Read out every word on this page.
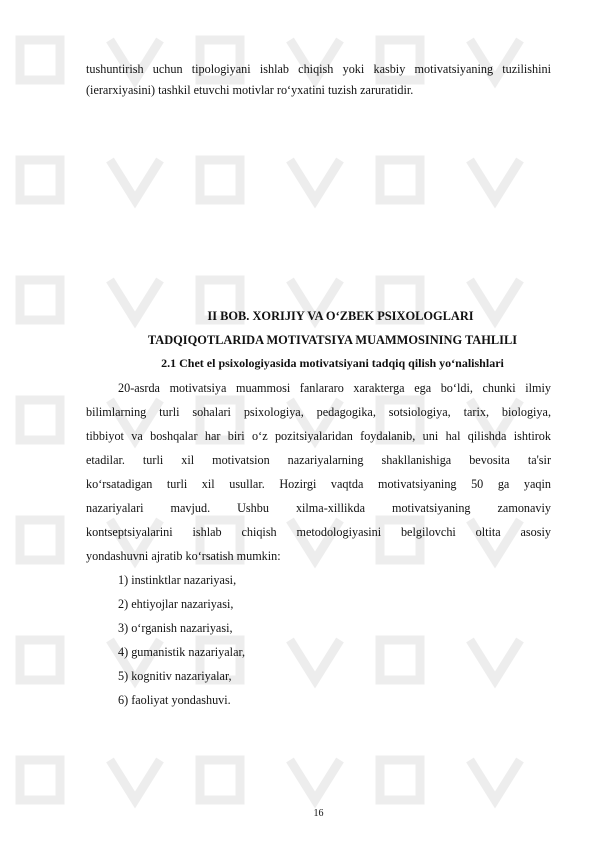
tushuntirish uchun tipologiyani ishlab chiqish yoki kasbiy motivatsiyaning tuzilishini
(ierarxiyasini) tashkil etuvchi motivlar ro‘yxatini tuzish zaruratidir.
II BOB. XORIJIY VA O‘ZBEK PSIXOLOGLARI
TADQIQOTLARIDA MOTIVATSIYA MUAMMOSINING TAHLILI
2.1 Chet el psixologiyasida motivatsiyani tadqiq qilish yo‘nalishlari
20-asrda motivatsiya muammosi fanlararo xarakterga ega bo‘ldi, chunki ilmiy
bilimlarning turli sohalari psixologiya, pedagogika, sotsiologiya, tarix, biologiya,
tibbiyot va boshqalar har biri o‘z pozitsiyalaridan foydalanib, uni hal qilishda ishtirok
etadilar. turli xil motivatsion nazariyalarning shakllanishiga bevosita ta'sir
ko‘rsatadigan turli xil usullar. Hozirgi vaqtda motivatsiyaning 50 ga yaqin
nazariyalari mavjud. Ushbu xilma-xillikda motivatsiyaning zamonaviy
kontseptsiyalarini ishlab chiqish metodologiyasini belgilovchi oltita asosiy
yondashuvni ajratib ko‘rsatish mumkin:
1) instinktlar nazariyasi,
2) ehtiyojlar nazariyasi,
3) o‘rganish nazariyasi,
4) gumanistik nazariyalar,
5) kognitiv nazariyalar,
6) faoliyat yondashuvi.
16
